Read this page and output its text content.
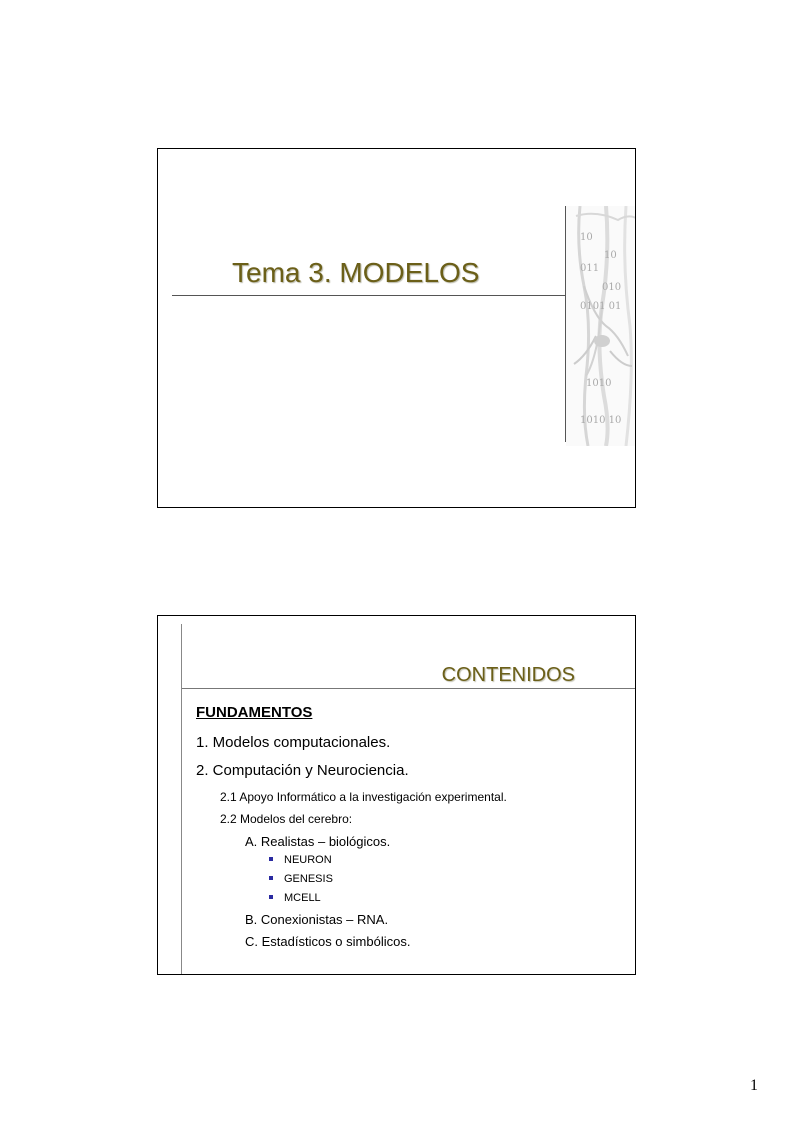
Tema 3. MODELOS
10
10
011
010
0101 01
1010
1010 10
CONTENIDOS
FUNDAMENTOS
1. Modelos computacionales.
2. Computación y Neurociencia.
2.1 Apoyo Informático a la investigación experimental.
2.2 Modelos del cerebro:
A. Realistas – biológicos.
NEURON
GENESIS
MCELL
B. Conexionistas – RNA.
C. Estadísticos o simbólicos.
1
